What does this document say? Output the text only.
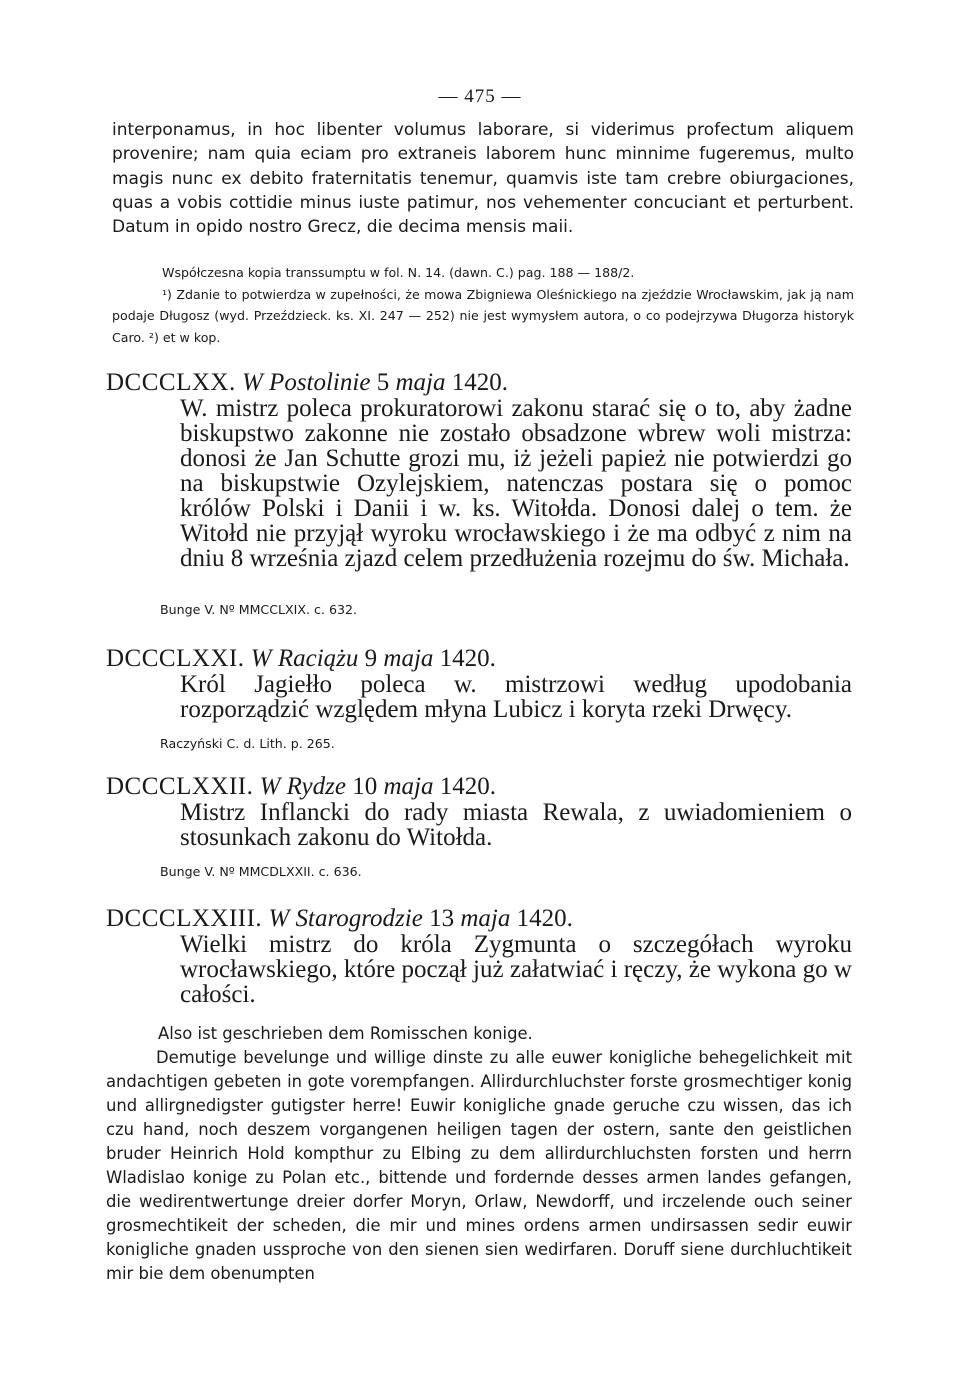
— 475 —

interponamus, in hoc libenter volumus laborare, si viderimus profectum aliquem provenire; nam quia eciam pro extraneis laborem hunc minnime fugeremus, multo magis nunc ex debito fraternitatis tenemur, quamvis iste tam crebre obiurgaciones, quas a vobis cottidie minus iuste patimur, nos vehementer concuciant et perturbent. Datum in opido nostro Grecz, die decima mensis maii.

Współczesna kopia transsumptu w fol. N. 14. (dawn. C.) pag. 188 — 188/2.

¹) Zdanie to potwierdza w zupełności, że mowa Zbigniewa Oleśnickiego na zjeździe Wrocławskim, jak ją nam podaje Długosz (wyd. Przeździeck. ks. XI. 247 — 252) nie jest wymysłem autora, o co podejrzywa Długorza historyk Caro. ²) et w kop.

DCCCLXX. W Postolinie 5 maja 1420.

W. mistrz poleca prokuratorowi zakonu starać się o to, aby żadne biskupstwo zakonne nie zostało obsadzone wbrew woli mistrza: donosi że Jan Schutte grozi mu, iż jeżeli papież nie potwierdzi go na biskupstwie Ozylejskiem, natenczas postara się o pomoc królów Polski i Danii i w. ks. Witołda. Donosi dalej o tem. że Witołd nie przyjął wyroku wrocławskiego i że ma odbyć z nim na dniu 8 września zjazd celem przedłużenia rozejmu do św. Michała.

Bunge V. Nº MMCCLXIX. c. 632.
DCCCLXXI. W Raciążu 9 maja 1420.

Król Jagiełło poleca w. mistrzowi według upodobania rozporządzić względem młyna Lubicz i koryta rzeki Drwęcy.

Raczyński C. d. Lith. p. 265.
DCCCLXXII. W Rydze 10 maja 1420.

Mistrz Inflancki do rady miasta Rewala, z uwiadomieniem o stosunkach zakonu do Witołda.

Bunge V. Nº MMCDLXXII. c. 636.
DCCCLXXIII. W Starogrodzie 13 maja 1420.

Wielki mistrz do króla Zygmunta o szczegółach wyroku wrocławskiego, które począł już załatwiać i ręczy, że wykona go w całości.

Also ist geschrieben dem Romisschen konige.

Demutige bevelunge und willige dinste zu alle euwer konigliche behegelichkeit mit andachtigen gebeten in gote vorempfangen. Allirdurchluchster forste grosmechtiger konig und allirgnedigster gutigster herre! Euwir konigliche gnade geruche czu wissen, das ich czu hand, noch deszem vorgangenen heiligen tagen der ostern, sante den geistlichen bruder Heinrich Hold kompthur zu Elbing zu dem allirdurchluchsten forsten und herrn Wladislao konige zu Polan etc., bittende und fordernde desses armen landes gefangen, die wedirentwertunge dreier dorfer Moryn, Orlaw, Newdorff, und irczelende ouch seiner grosmechtikeit der scheden, die mir und mines ordens armen undirsassen sedir euwir konigliche gnaden ussproche von den sienen sien wedirfaren. Doruff siene durchluchtikeit mir bie dem obenumpten
